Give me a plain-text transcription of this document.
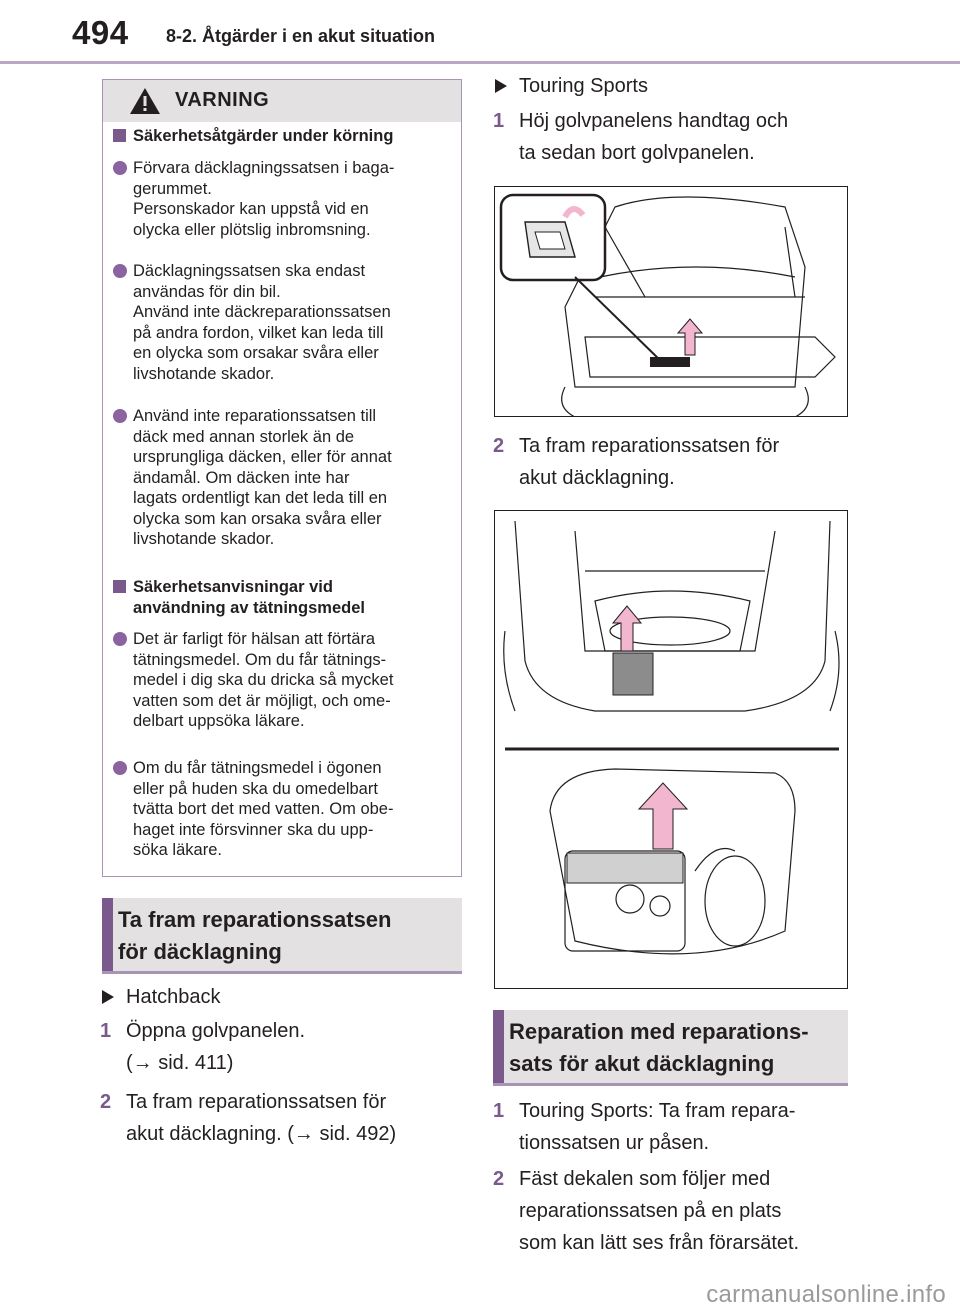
494 8-2. Åtgärder i en akut situation
VARNING
Säkerhetsåtgärder under körning
Förvara däcklagningssatsen i baga-
gerummet.
Personskador kan uppstå vid en
olycka eller plötslig inbromsning.
Däcklagningssatsen ska endast
användas för din bil.
Använd inte däckreparationssatsen
på andra fordon, vilket kan leda till
en olycka som orsakar svåra eller
livshotande skador.
Använd inte reparationssatsen till
däck med annan storlek än de
ursprungliga däcken, eller för annat
ändamål. Om däcken inte har
lagats ordentligt kan det leda till en
olycka som kan orsaka svåra eller
livshotande skador.
Säkerhetsanvisningar vid
användning av tätningsmedel
Det är farligt för hälsan att förtära
tätningsmedel. Om du får tätnings-
medel i dig ska du dricka så mycket
vatten som det är möjligt, och ome-
delbart uppsöka läkare.
Om du får tätningsmedel i ögonen
eller på huden ska du omedelbart
tvätta bort det med vatten. Om obe-
haget inte försvinner ska du upp-
söka läkare.
Ta fram reparationssatsen
för däcklagning
Hatchback
1 Öppna golvpanelen.
(→ sid. 411)
2 Ta fram reparationssatsen för
akut däcklagning. (→ sid. 492)
Touring Sports
1 Höj golvpanelens handtag och
ta sedan bort golvpanelen.
2 Ta fram reparationssatsen för
akut däcklagning.
Reparation med reparations-
sats för akut däcklagning
1 Touring Sports: Ta fram repara-
tionssatsen ur påsen.
2 Fäst dekalen som följer med
reparationssatsen på en plats
som kan lätt ses från förarsätet.
carmanualsonline.info
